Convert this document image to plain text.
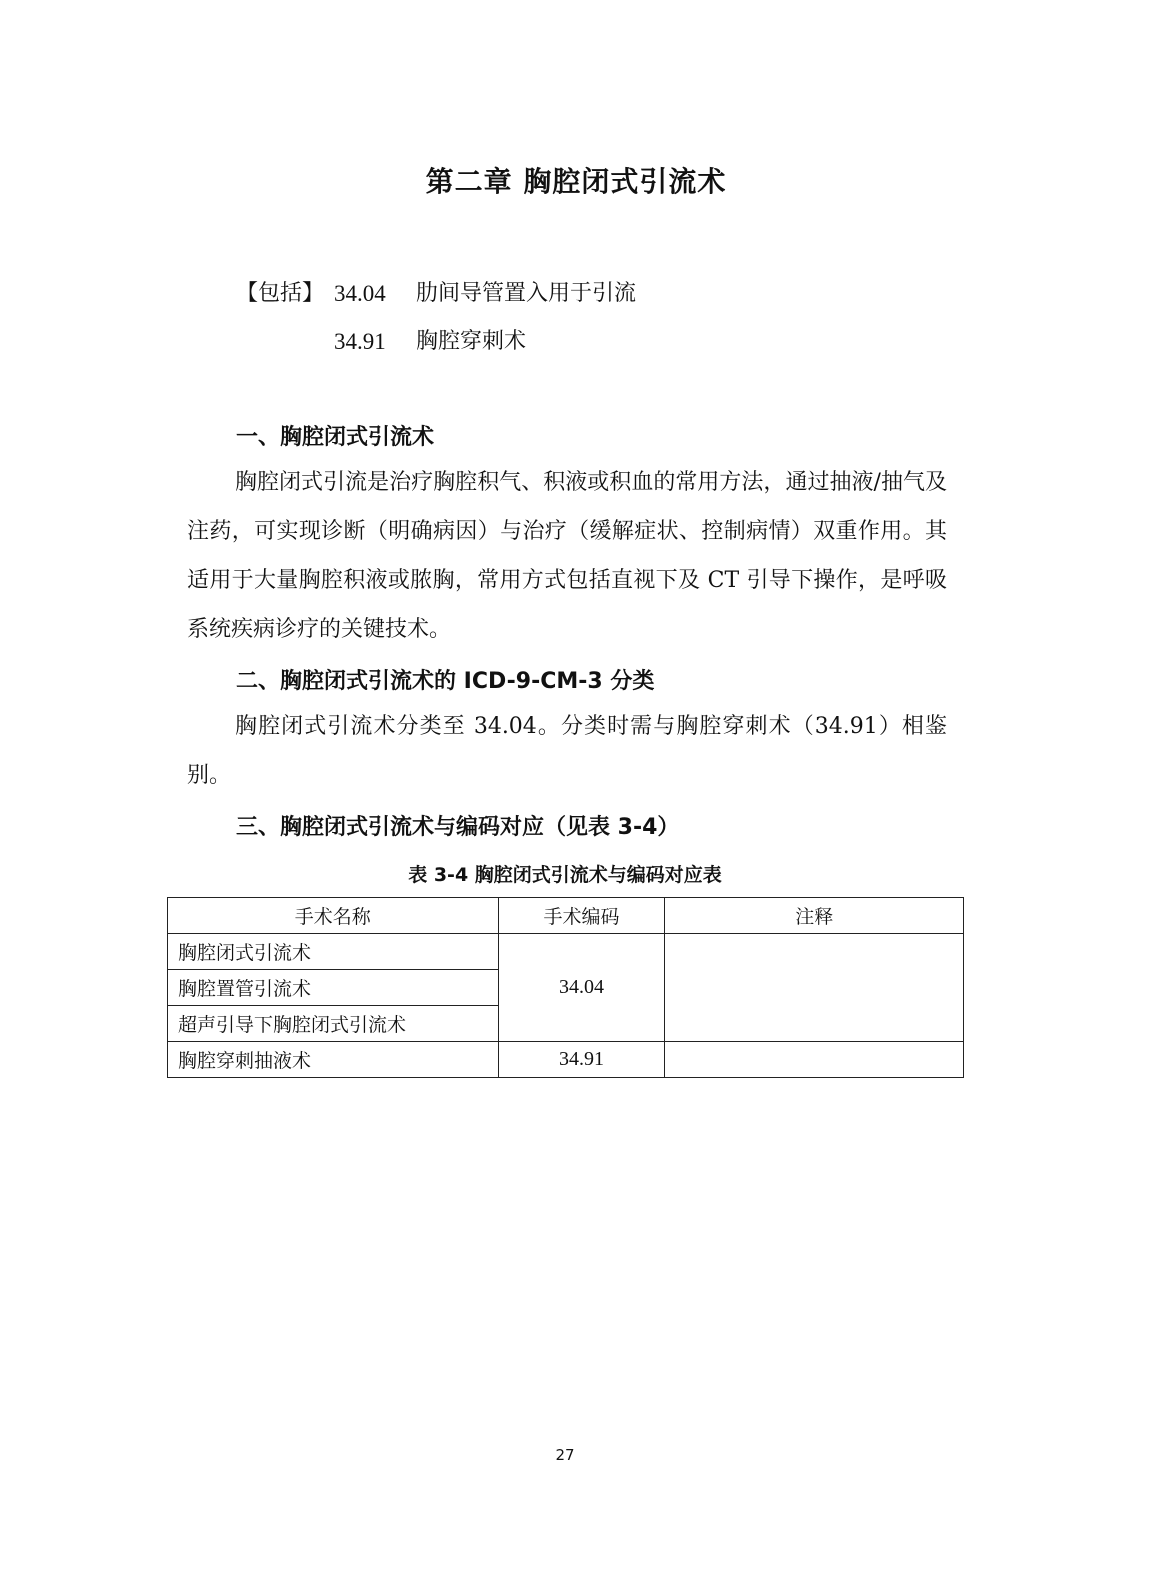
第二章 胸腔闭式引流术
【包括】 34.04	肋间导管置入用于引流
34.91	胸腔穿刺术
一、胸腔闭式引流术
胸腔闭式引流是治疗胸腔积气、积液或积血的常用方法，通过抽液/抽气及注药，可实现诊断（明确病因）与治疗（缓解症状、控制病情）双重作用。其适用于大量胸腔积液或脓胸，常用方式包括直视下及 CT 引导下操作，是呼吸系统疾病诊疗的关键技术。
二、胸腔闭式引流术的 ICD-9-CM-3 分类
胸腔闭式引流术分类至 34.04。分类时需与胸腔穿刺术（34.91）相鉴别。
三、胸腔闭式引流术与编码对应（见表 3-4）
表 3-4 胸腔闭式引流术与编码对应表
手术名称	手术编码	注释
胸腔闭式引流术	34.04	
胸腔置管引流术		
超声引导下胸腔闭式引流术		
胸腔穿刺抽液术	34.91	
27
